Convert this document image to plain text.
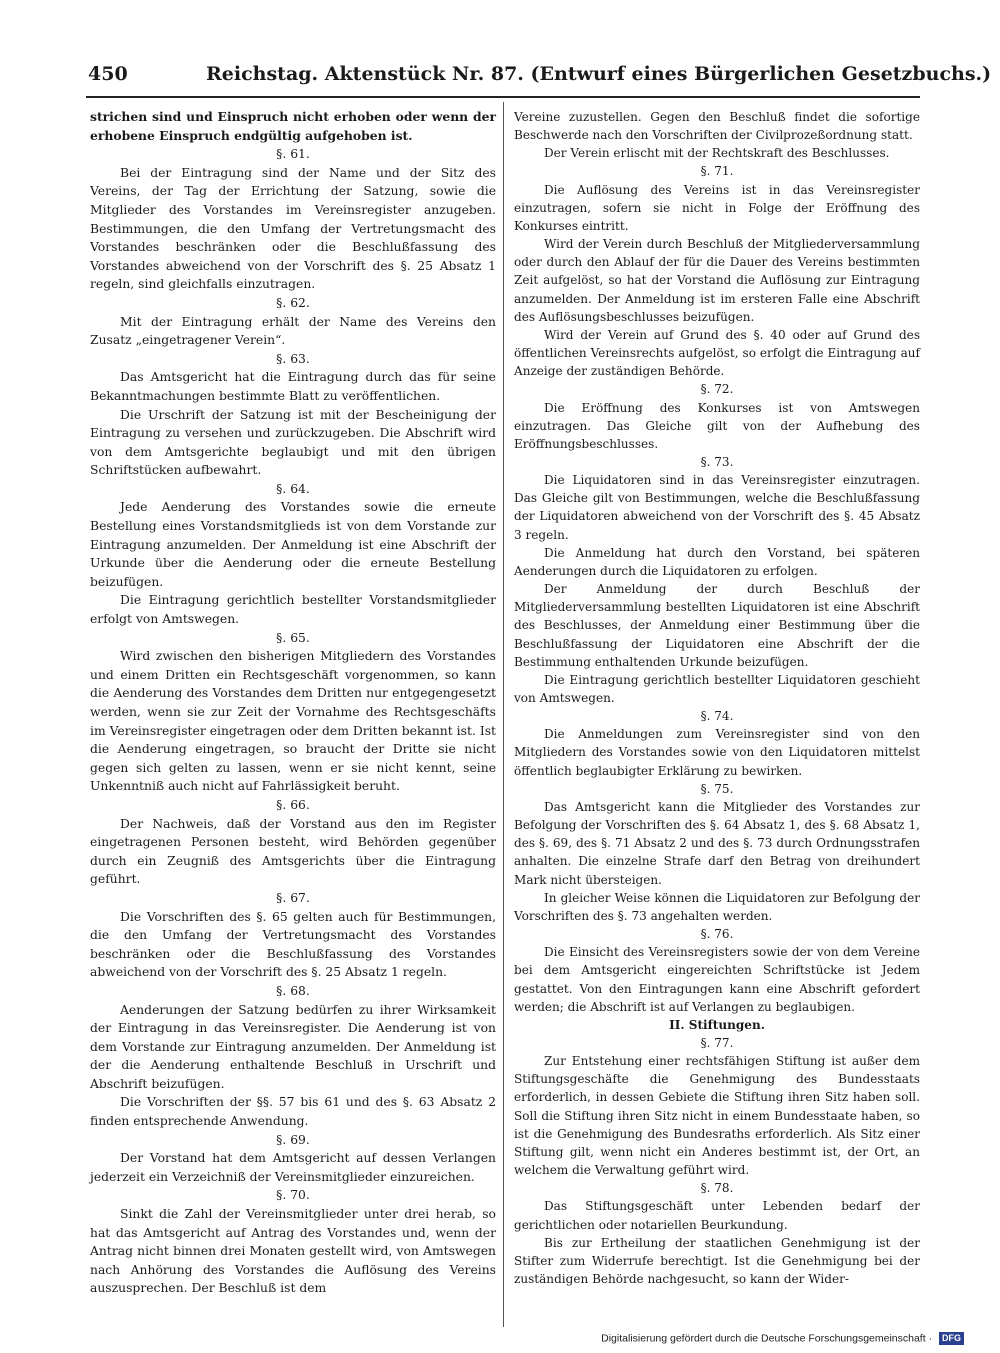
450	Reichstag. Aktenstück Nr. 87. (Entwurf eines Bürgerlichen Gesetzbuchs.)

strichen sind und Einspruch nicht erhoben oder wenn der erhobene Einspruch endgültig aufgehoben ist.

§. 61.

Bei der Eintragung sind der Name und der Sitz des Vereins, der Tag der Errichtung der Satzung, sowie die Mitglieder des Vorstandes im Vereinsregister anzugeben. Bestimmungen, die den Umfang der Vertretungsmacht des Vorstandes beschränken oder die Beschlußfassung des Vorstandes abweichend von der Vorschrift des §. 25 Absatz 1 regeln, sind gleichfalls einzutragen.

§. 62.

Mit der Eintragung erhält der Name des Vereins den Zusatz „eingetragener Verein“.

§. 63.

Das Amtsgericht hat die Eintragung durch das für seine Bekanntmachungen bestimmte Blatt zu veröffentlichen.

Die Urschrift der Satzung ist mit der Bescheinigung der Eintragung zu versehen und zurückzugeben. Die Abschrift wird von dem Amtsgerichte beglaubigt und mit den übrigen Schriftstücken aufbewahrt.

§. 64.

Jede Aenderung des Vorstandes sowie die erneute Bestellung eines Vorstandsmitglieds ist von dem Vorstande zur Eintragung anzumelden. Der Anmeldung ist eine Abschrift der Urkunde über die Aenderung oder die erneute Bestellung beizufügen.

Die Eintragung gerichtlich bestellter Vorstandsmitglieder erfolgt von Amtswegen.

§. 65.

Wird zwischen den bisherigen Mitgliedern des Vorstandes und einem Dritten ein Rechtsgeschäft vorgenommen, so kann die Aenderung des Vorstandes dem Dritten nur entgegengesetzt werden, wenn sie zur Zeit der Vornahme des Rechtsgeschäfts im Vereinsregister eingetragen oder dem Dritten bekannt ist. Ist die Aenderung eingetragen, so braucht der Dritte sie nicht gegen sich gelten zu lassen, wenn er sie nicht kennt, seine Unkenntniß auch nicht auf Fahrlässigkeit beruht.

§. 66.

Der Nachweis, daß der Vorstand aus den im Register eingetragenen Personen besteht, wird Behörden gegenüber durch ein Zeugniß des Amtsgerichts über die Eintragung geführt.

§. 67.

Die Vorschriften des §. 65 gelten auch für Bestimmungen, die den Umfang der Vertretungsmacht des Vorstandes beschränken oder die Beschlußfassung des Vorstandes abweichend von der Vorschrift des §. 25 Absatz 1 regeln.

§. 68.

Aenderungen der Satzung bedürfen zu ihrer Wirksamkeit der Eintragung in das Vereinsregister. Die Aenderung ist von dem Vorstande zur Eintragung anzumelden. Der Anmeldung ist der die Aenderung enthaltende Beschluß in Urschrift und Abschrift beizufügen.

Die Vorschriften der §§. 57 bis 61 und des §. 63 Absatz 2 finden entsprechende Anwendung.

§. 69.

Der Vorstand hat dem Amtsgericht auf dessen Verlangen jederzeit ein Verzeichniß der Vereinsmitglieder einzureichen.

§. 70.

Sinkt die Zahl der Vereinsmitglieder unter drei herab, so hat das Amtsgericht auf Antrag des Vorstandes und, wenn der Antrag nicht binnen drei Monaten gestellt wird, von Amtswegen nach Anhörung des Vorstandes die Auflösung des Vereins auszusprechen. Der Beschluß ist dem

Vereine zuzustellen. Gegen den Beschluß findet die sofortige Beschwerde nach den Vorschriften der Civilprozeßordnung statt.

Der Verein erlischt mit der Rechtskraft des Beschlusses.

§. 71.

Die Auflösung des Vereins ist in das Vereinsregister einzutragen, sofern sie nicht in Folge der Eröffnung des Konkurses eintritt.

Wird der Verein durch Beschluß der Mitgliederversammlung oder durch den Ablauf der für die Dauer des Vereins bestimmten Zeit aufgelöst, so hat der Vorstand die Auflösung zur Eintragung anzumelden. Der Anmeldung ist im ersteren Falle eine Abschrift des Auflösungsbeschlusses beizufügen.

Wird der Verein auf Grund des §. 40 oder auf Grund des öffentlichen Vereinsrechts aufgelöst, so erfolgt die Eintragung auf Anzeige der zuständigen Behörde.

§. 72.

Die Eröffnung des Konkurses ist von Amtswegen einzutragen. Das Gleiche gilt von der Aufhebung des Eröffnungsbeschlusses.

§. 73.

Die Liquidatoren sind in das Vereinsregister einzutragen. Das Gleiche gilt von Bestimmungen, welche die Beschlußfassung der Liquidatoren abweichend von der Vorschrift des §. 45 Absatz 3 regeln.

Die Anmeldung hat durch den Vorstand, bei späteren Aenderungen durch die Liquidatoren zu erfolgen.

Der Anmeldung der durch Beschluß der Mitgliederversammlung bestellten Liquidatoren ist eine Abschrift des Beschlusses, der Anmeldung einer Bestimmung über die Beschlußfassung der Liquidatoren eine Abschrift der die Bestimmung enthaltenden Urkunde beizufügen.

Die Eintragung gerichtlich bestellter Liquidatoren geschieht von Amtswegen.

§. 74.

Die Anmeldungen zum Vereinsregister sind von den Mitgliedern des Vorstandes sowie von den Liquidatoren mittelst öffentlich beglaubigter Erklärung zu bewirken.

§. 75.

Das Amtsgericht kann die Mitglieder des Vorstandes zur Befolgung der Vorschriften des §. 64 Absatz 1, des §. 68 Absatz 1, des §. 69, des §. 71 Absatz 2 und des §. 73 durch Ordnungsstrafen anhalten. Die einzelne Strafe darf den Betrag von dreihundert Mark nicht übersteigen.

In gleicher Weise können die Liquidatoren zur Befolgung der Vorschriften des §. 73 angehalten werden.

§. 76.

Die Einsicht des Vereinsregisters sowie der von dem Vereine bei dem Amtsgericht eingereichten Schriftstücke ist Jedem gestattet. Von den Eintragungen kann eine Abschrift gefordert werden; die Abschrift ist auf Verlangen zu beglaubigen.

II. Stiftungen.
§. 77.

Zur Entstehung einer rechtsfähigen Stiftung ist außer dem Stiftungsgeschäfte die Genehmigung des Bundesstaats erforderlich, in dessen Gebiete die Stiftung ihren Sitz haben soll. Soll die Stiftung ihren Sitz nicht in einem Bundesstaate haben, so ist die Genehmigung des Bundesraths erforderlich. Als Sitz einer Stiftung gilt, wenn nicht ein Anderes bestimmt ist, der Ort, an welchem die Verwaltung geführt wird.

§. 78.

Das Stiftungsgeschäft unter Lebenden bedarf der gerichtlichen oder notariellen Beurkundung.

Bis zur Ertheilung der staatlichen Genehmigung ist der Stifter zum Widerrufe berechtigt. Ist die Genehmigung bei der zuständigen Behörde nachgesucht, so kann der Wider-

Digitalisierung gefördert durch die Deutsche Forschungsgemeinschaft · DFG
